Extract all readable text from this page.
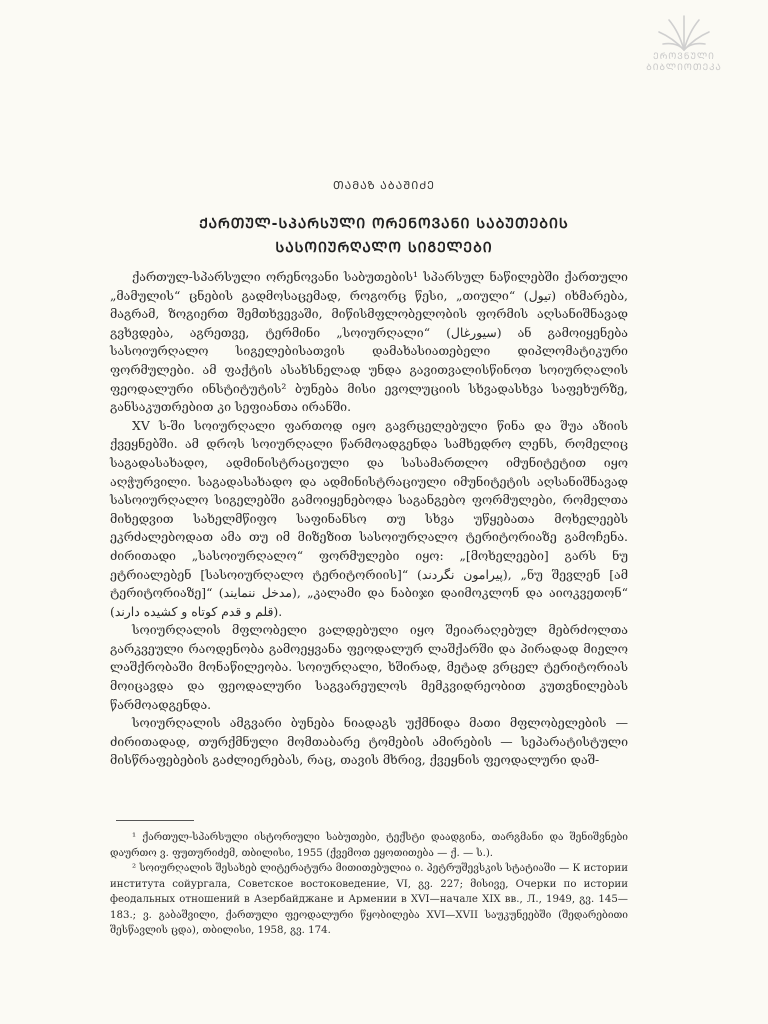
ᲔᲠᲝᲕᲜᲣᲚᲘ
ᲑᲘᲑᲚᲘᲝᲗᲔᲙᲐ
ᲗᲐᲛᲐᲖ ᲐᲑᲐᲨᲘᲫᲔ
ᲥᲐᲠᲗᲣᲚ-ᲡᲞᲐᲠᲡᲣᲚᲘ ᲝᲠᲔᲜᲝᲕᲐᲜᲘ ᲡᲐᲑᲣᲗᲔᲑᲘᲡ
ᲡᲐᲡᲝᲘᲣᲠᲦᲐᲚᲝ ᲡᲘᲒᲔᲚᲔᲑᲘ

ქართულ-სპარსული ორენოვანი საბუთების¹ სპარსულ ნაწილებში ქართული „მამულის“ ცნების გადმოსაცემად, როგორც წესი, „თიული“ (تيول) იხმარება, მაგრამ, ზოგიერთ შემთხვევაში, მიწისმფლობელობის ფორმის აღსანიშნავად გვხვდება, აგრეთვე, ტერმინი „სოიურღალი“ (سيورغال) ან გამოიყენება სასოიურღალო სიგელებისათვის დამახასიათებელი დიპლომატიკური ფორმულები. ამ ფაქტის ასახსნელად უნდა გავითვალისწინოთ სოიურღალის ფეოდალური ინსტიტუტის² ბუნება მისი ევოლუციის სხვადასხვა საფეხურზე, განსაკუთრებით კი სეფიანთა ირანში.

XV ს-ში სოიურღალი ფართოდ იყო გავრცელებული წინა და შუა აზიის ქვეყნებში. ამ დროს სოიურღალი წარმოადგენდა სამხედრო ლენს, რომელიც საგადასახადო, ადმინისტრაციული და სასამართლო იმუნიტეტით იყო აღჭურვილი. საგადასახადო და ადმინისტრაციული იმუნიტეტის აღსანიშნავად სასოიურღალო სიგელებში გამოიყენებოდა საგანგებო ფორმულები, რომელთა მიხედვით სახელმწიფო საფინანსო თუ სხვა უწყებათა მოხელეებს ეკრძალებოდათ ამა თუ იმ მიზეზით სასოიურღალო ტერიტორიაზე გამოჩენა. ძირითადი „სასოიურღალო“ ფორმულები იყო: „[მოხელეები] გარს ნუ ეტრიალებენ [სასოიურღალო ტერიტორიის]“ (پیرامون نگردند), „ნუ შევლენ [ამ ტერიტორიაზე]“ (مدخل ننمایند), „კალამი და ნაბიჯი დაიმოკლონ და აიოკვეთონ“ (قلم و قدم کوتاه و کشیده دارند).

სოიურღალის მფლობელი ვალდებული იყო შეიარაღებულ მებრძოლთა გარკვეული რაოდენობა გამოეყვანა ფეოდალურ ლაშქარში და პირადად მიელო ლაშქრობაში მონაწილეობა. სოიურღალი, ხშირად, მეტად ვრცელ ტერიტორიას მოიცავდა და ფეოდალური საგვარეულოს მემკვიდრეობით კუთვნილებას წარმოადგენდა.

სოიურღალის ამგვარი ბუნება ნიადაგს უქმნიდა მათი მფლობელების — ძირითადად, თურქმნული მომთაბარე ტომების ამირების — სეპარატისტული მისწრაფებების გაძლიერებას, რაც, თავის მხრივ, ქვეყნის ფეოდალური დაშ-

¹ ქართულ-სპარსული ისტორიული საბუთები, ტექსტი დაადგინა, თარგმანი და შენიშვნები დაურთო ვ. ფუთურიძემ, თბილისი, 1955 (ქვემოთ ეყოთითება — ქ. — ს.).

² სოიურღალის შესახებ ლიტერატურა მითითებულია ი. პეტრუშევსკის სტატიაში — К истории института сойургала, Советское востоковедение, VI, გვ. 227; მისივე, Очерки по истории феодальных отношений в Азербайджане и Армении в XVI—начале XIX вв., Л., 1949, გვ. 145—183.; ვ. გაბაშვილი, ქართული ფეოდალური წყობილება XVI—XVII საუკუნეებში (შედარებითი შესწავლის ცდა), თბილისი, 1958, გვ. 174.
